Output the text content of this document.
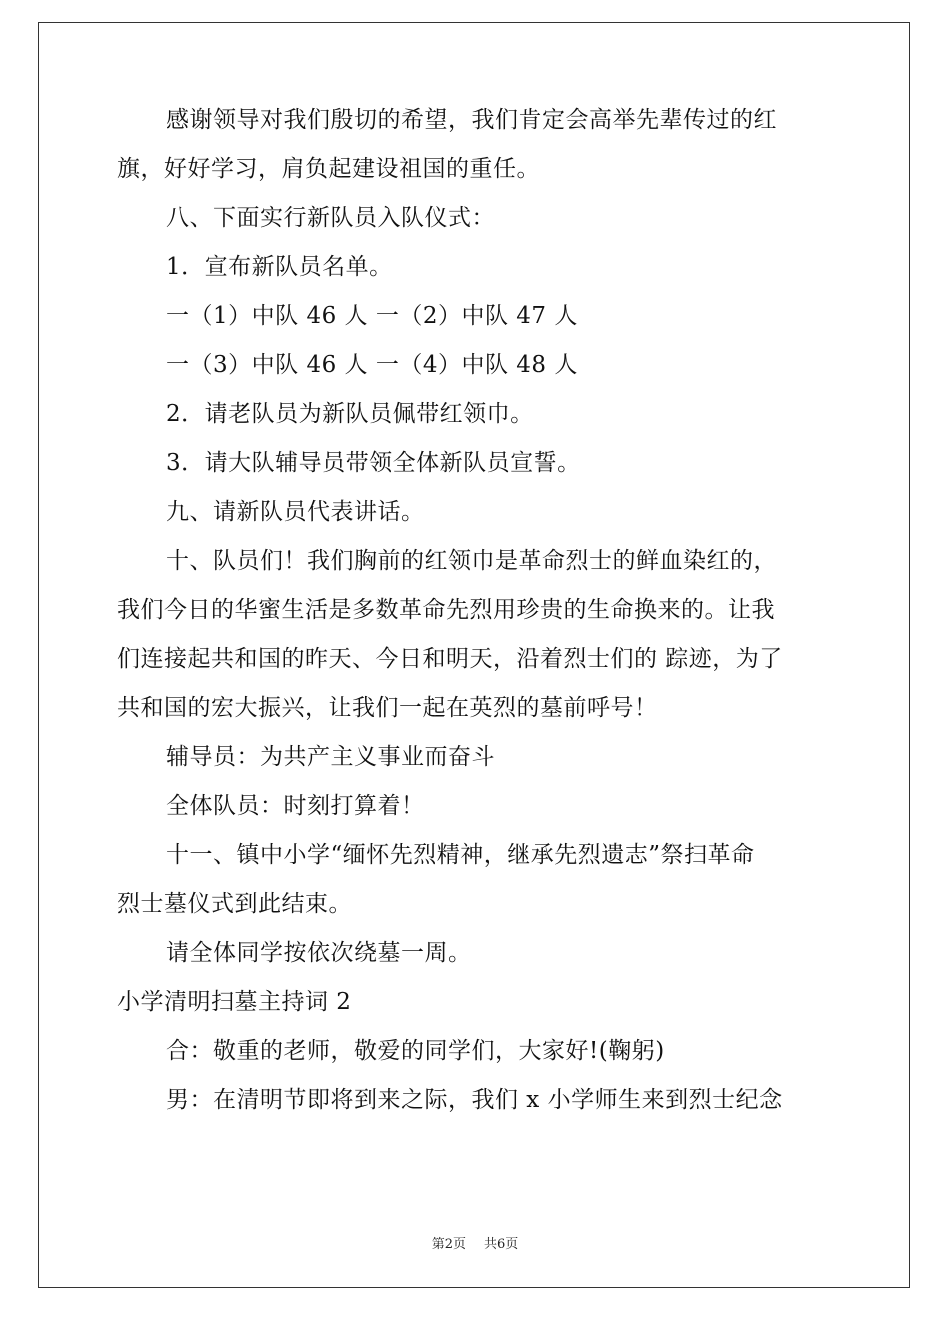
感谢领导对我们殷切的希望，我们肯定会高举先辈传过的红
旗，好好学习，肩负起建设祖国的重任。
八、下面实行新队员入队仪式：
1．宣布新队员名单。
一（1）中队 46 人 一（2）中队 47 人
一（3）中队 46 人 一（4）中队 48 人
2．请老队员为新队员佩带红领巾。
3．请大队辅导员带领全体新队员宣誓。
九、请新队员代表讲话。
十、队员们！我们胸前的红领巾是革命烈士的鲜血染红的，
我们今日的华蜜生活是多数革命先烈用珍贵的生命换来的。让我
们连接起共和国的昨天、今日和明天，沿着烈士们的 踪迹，为了
共和国的宏大振兴，让我们一起在英烈的墓前呼号！
辅导员：为共产主义事业而奋斗
全体队员：时刻打算着！
十一、镇中小学“缅怀先烈精神，继承先烈遗志”祭扫革命
烈士墓仪式到此结束。
请全体同学按依次绕墓一周。
小学清明扫墓主持词 2
合：敬重的老师，敬爱的同学们，大家好!(鞠躬)
男：在清明节即将到来之际，我们 x 小学师生来到烈士纪念
第2页 共6页
